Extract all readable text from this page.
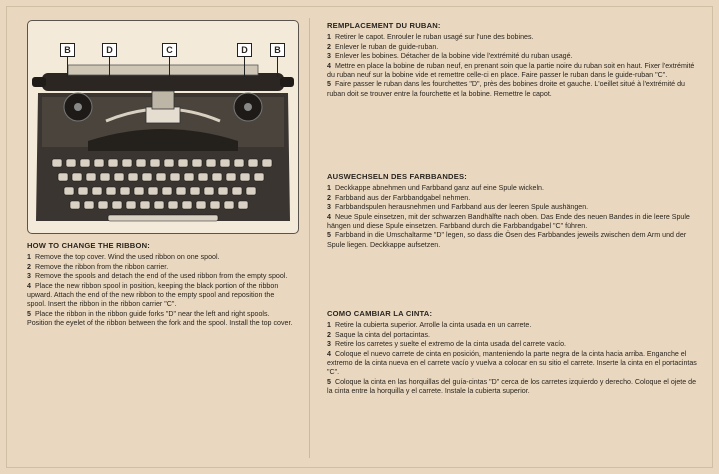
B	D	C	D	B
HOW TO CHANGE THE RIBBON:

1 Remove the top cover. Wind the used ribbon on one spool.

2 Remove the ribbon from the ribbon carrier.

3 Remove the spools and detach the end of the used ribbon from the empty spool.

4 Place the new ribbon spool in position, keeping the black portion of the ribbon upward. Attach the end of the new ribbon to the empty spool and reposition the spool. Insert the ribbon in the ribbon carrier "C".

5 Place the ribbon in the ribbon guide forks "D" near the left and right spools. Position the eyelet of the ribbon between the fork and the spool. Install the top cover.

REMPLACEMENT DU RUBAN:

1 Retirer le capot. Enrouler le ruban usagé sur l'une des bobines.

2 Enlever le ruban de guide-ruban.

3 Enlever les bobines. Détacher de la bobine vide l'extrémité du ruban usagé.

4 Mettre en place la bobine de ruban neuf, en prenant soin que la partie noire du ruban soit en haut. Fixer l'extrémité du ruban neuf sur la bobine vide et remettre celle-ci en place. Faire passer le ruban dans le guide-ruban "C".

5 Faire passer le ruban dans les fourchettes "D", près des bobines droite et gauche. L'oeillet situé à l'extrémité du ruban doit se trouver entre la fourchette et la bobine. Remettre le capot.

AUSWECHSELN DES FARBBANDES:

1 Deckkappe abnehmen und Farbband ganz auf eine Spule wickeln.

2 Farbband aus der Farbbandgabel nehmen.

3 Farbbandspulen herausnehmen und Farbband aus der leeren Spule aushängen.

4 Neue Spule einsetzen, mit der schwarzen Bandhälfte nach oben. Das Ende des neuen Bandes in die leere Spule hängen und diese Spule einsetzen. Farbband durch die Farbbandgabel "C" führen.

5 Farbband in die Umschaltarme "D" legen, so dass die Ösen des Farbbandes jeweils zwischen dem Arm und der Spule liegen. Deckkappe aufsetzen.

COMO CAMBIAR LA CINTA:

1 Retire la cubierta superior. Arrolle la cinta usada en un carrete.

2 Saque la cinta del portacintas.

3 Retire los carretes y suelte el extremo de la cinta usada del carrete vacío.

4 Coloque el nuevo carrete de cinta en posición, manteniendo la parte negra de la cinta hacia arriba. Enganche el extremo de la cinta nueva en el carrete vacío y vuelva a colocar en su sitio el carrete. Inserte la cinta en el portacintas "C".

5 Coloque la cinta en las horquillas del guía-cintas "D" cerca de los carretes izquierdo y derecho. Coloque el ojete de la cinta entre la horquilla y el carrete. Instale la cubierta superior.
